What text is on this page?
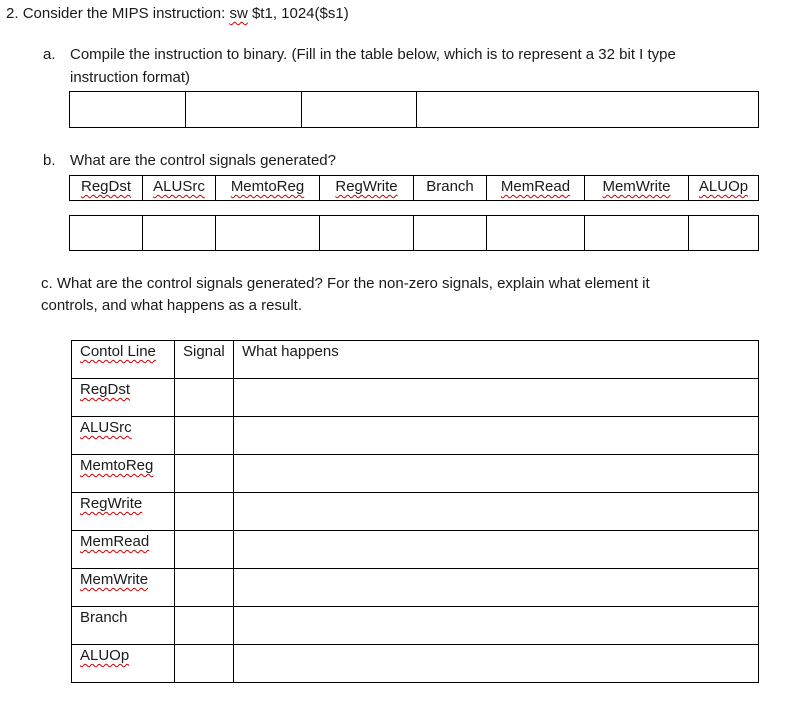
2. Consider the MIPS instruction: sw $t1, 1024($s1)
a. Compile the instruction to binary. (Fill in the table below, which is to represent a 32 bit I type
instruction format)

b. What are the control signals generated?
RegDst	ALUSrc	MemtoReg	RegWrite	Branch	MemRead	MemWrite	ALUOp

c. What are the control signals generated? For the non-zero signals, explain what element it
controls, and what happens as a result.
Contol Line	Signal	What happens

RegDst		

ALUSrc		

MemtoReg		

RegWrite		

MemRead		

MemWrite		

Branch		

ALUOp		
